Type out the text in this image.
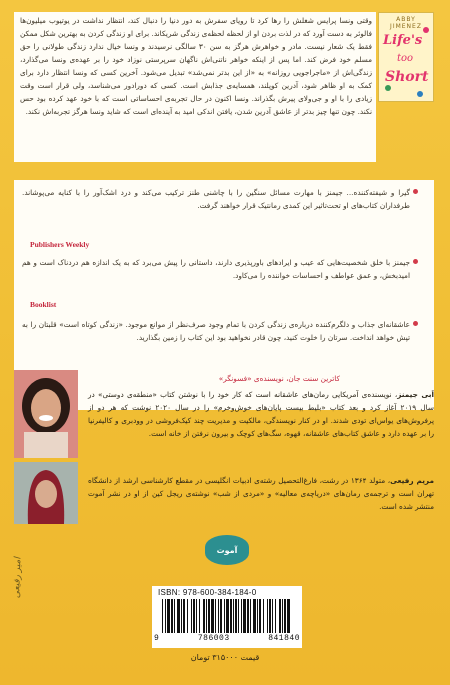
وقتی ونسا پرایس شغلش را رها کرد تا رویای سفرش به دور دنیا را دنبال کند، انتظار نداشت در یوتیوب میلیون‌ها فالوئر به دست آورد که در لذت بردن او از لحظه لحظه‌ی زندگی شریکاند. برای او زندگی کردن به بهترین شکل ممکن فقط یک شعار نیست. مادر و خواهرش هرگز به سن ۳۰ سالگی نرسیدند و ونسا خیال ندارد زندگی طولانی را حق مسلم خود فرض کند. اما پس از اینکه خواهر ناتنی‌اش ناگهان سرپرستی نوزاد خود را بر عهده‌ی ونسا می‌گذارد، زندگی‌اش از «ماجراجویی روزانه» به «از این بدتر نمی‌شد» تبدیل می‌شود. آخرین کسی که ونسا انتظار دارد برای کمک به او ظاهر شود، آدرین کوپلند، همسایه‌ی جذابش است. کسی که دورادور می‌شناسد، ولی قرار است وقت زیادی را با او و جی‌ولای پیرش بگذراند. ونسا اکنون در حال تجربه‌ی احساساتی است که با خود عهد کرده بود حس نکند. چون تنها چیز بدتر از عاشق آدرین شدن، یافتن اندکی امید به آینده‌ای است که شاید ونسا هرگز تجربه‌اش نکند.

ABBY JIMENEZ
Life's
too
Short

گیرا و شیفته‌کننده... جیمنز با مهارت مسائل سنگین را با چاشنی طنز ترکیب می‌کند و درد اشک‌آور را با کنایه می‌پوشاند. طرفداران کتاب‌های او تحت‌تاثیر این کمدی رمانتیک قرار خواهند گرفت.

Publishers Weekly

جیمنز با خلق شخصیت‌هایی که عیب و ایرادهای باورپذیری دارند، داستانی را پیش می‌برد که به یک اندازه هم دردناک است و هم امیدبخش، و عمق عواطف و احساسات خواننده را می‌کاود.

Booklist

عاشقانه‌ای جذاب و دلگرم‌کننده درباره‌ی زندگی کردن با تمام وجود صرف‌نظر از موانع موجود. «زندگی کوتاه است» قلبتان را به تپش خواهد انداخت. سرتان را خلوت کنید، چون قادر نخواهید بود این کتاب را زمین بگذارید.

کاترین سنت جان، نویسنده‌ی «فسونگر»

اَبی جیمنز، نویسنده‌ی آمریکایی رمان‌های عاشقانه است که کار خود را با نوشتن کتاب «منطقه‌ی دوستی» در سال ۲۰۱۹ آغاز کرد و بعد کتاب «بلیط بیست پایان‌های خوش‌وخرم» را در سال ۲۰۲۰ نوشت که هر دو از پرفروش‌های یواس‌ای تودی شدند. او در کنار نویسندگی، مالکیت و مدیریت چند کیک‌فروشی در وودبری و کالیفرنیا را بر عهده دارد و عاشق کتاب‌های عاشقانه، قهوه، سگ‌های کوچک و بیرون نرفتن از خانه است.

مریم رفیعی، متولد ۱۳۶۴ در رشت، فارغ‌التحصیل رشته‌ی ادبیات انگلیسی در مقطع کارشناسی ارشد از دانشگاه تهران است و ترجمه‌ی رمان‌های «دریاچه‌ی معالیه» و «مردی از شب» نوشته‌ی ریجل کین از او در نشر آموت منتشر شده است.

آموت
ISBN: 978-600-384-184-0
9	786003	841840
قیمت ۳۱۵۰۰۰ تومان
امیر رفیعی
